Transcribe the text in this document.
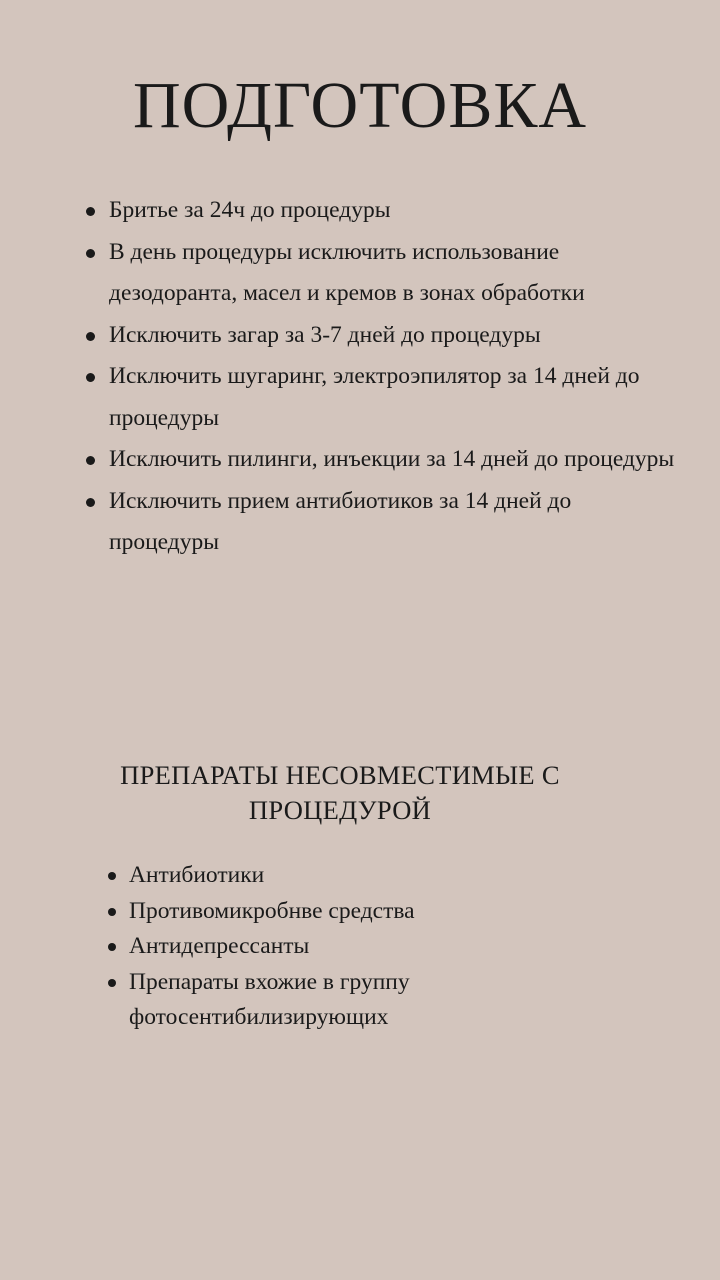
ПОДГОТОВКА
Бритье за 24ч до процедуры
В день процедуры исключить использование дезодоранта, масел и кремов в зонах обработки
Исключить загар за 3-7 дней до процедуры
Исключить шугаринг, электроэпилятор за 14 дней до процедуры
Исключить пилинги, инъекции за 14 дней до процедуры
Исключить прием антибиотиков за 14 дней до процедуры
ПРЕПАРАТЫ НЕСОВМЕСТИМЫЕ С
ПРОЦЕДУРОЙ
Антибиотики
Противомикробнве средства
Антидепрессанты
Препараты вхожие в группу фотосентибилизирующих
